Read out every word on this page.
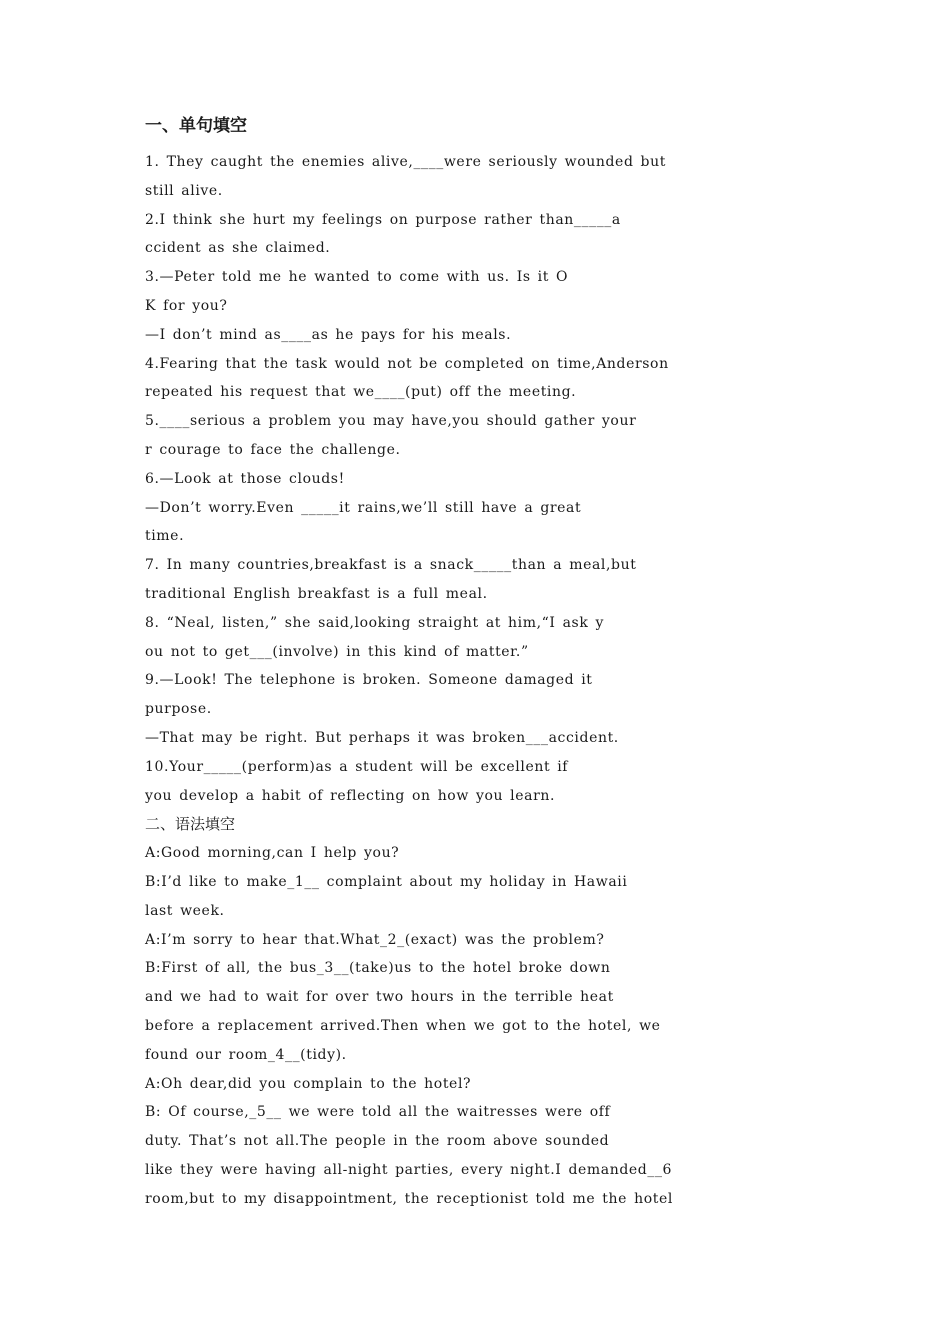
一、单句填空
1. They caught the enemies alive,____were seriously wounded but
still alive.
2.I think she hurt my feelings on purpose rather than_____a
ccident as she claimed.
3.—Peter told me he wanted to come with us. Is it O
K for you?
—I don’t mind as____as he pays for his meals.
4.Fearing that the task would not be completed on time,Anderson
repeated his request that we____(put) off the meeting.
5.____serious a problem you may have,you should gather your
r courage to face the challenge.
6.—Look at those clouds!
—Don’t worry.Even _____it rains,we’ll still have a great
time.
7. In many countries,breakfast is a snack_____than a meal,but
traditional English breakfast is a full meal.
8. “Neal, listen,” she said,looking straight at him,“I ask y
ou not to get___(involve) in this kind of matter.”
9.—Look! The telephone is broken. Someone damaged it
purpose.
—That may be right. But perhaps it was broken___accident.
10.Your_____(perform)as a student will be excellent if
you develop a habit of reflecting on how you learn.
二、语法填空
A:Good morning,can I help you?
B:I’d like to make_1__ complaint about my holiday in Hawaii
last week.
A:I’m sorry to hear that.What_2_(exact) was the problem?
B:First of all, the bus_3__(take)us to the hotel broke down
and we had to wait for over two hours in the terrible heat
before a replacement arrived.Then when we got to the hotel, we
found our room_4__(tidy).
A:Oh dear,did you complain to the hotel?
B: Of course,_5__ we were told all the waitresses were off
duty. That’s not all.The people in the room above sounded
like they were having all-night parties, every night.I demanded__6
room,but to my disappointment, the receptionist told me the hotel
